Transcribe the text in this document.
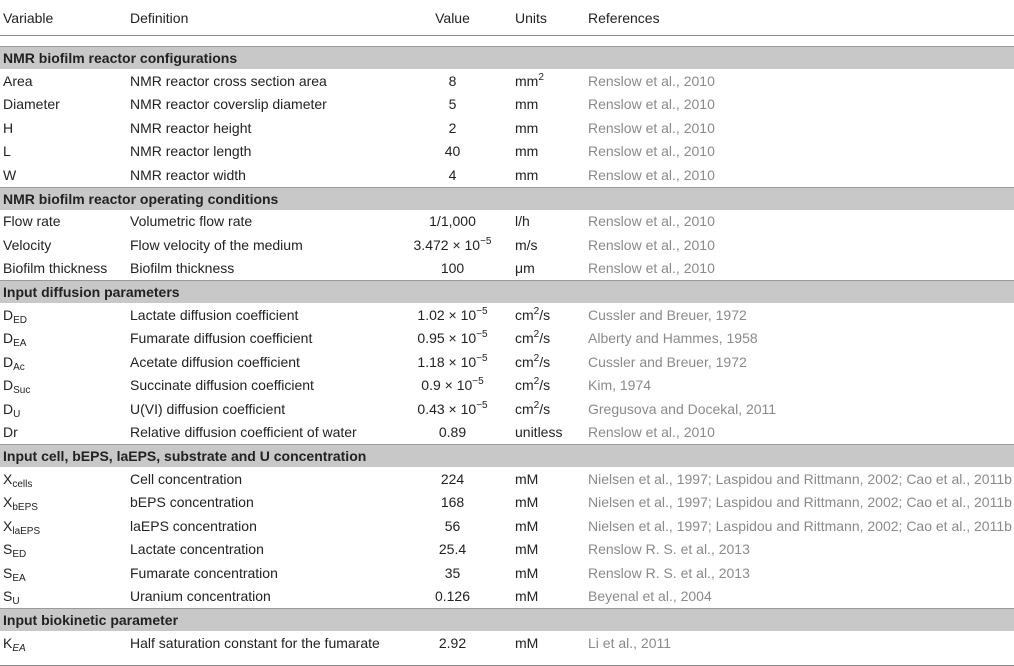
Variable	Definition	Value	Units	References
NMR biofilm reactor configurations
Area	NMR reactor cross section area	8	$mm^2$	Renslow et al., 2010
Diameter	NMR reactor coverslip diameter	5	mm	Renslow et al., 2010
H	NMR reactor height	2	mm	Renslow et al., 2010
L	NMR reactor length	40	mm	Renslow et al., 2010
W	NMR reactor width	4	mm	Renslow et al., 2010
NMR biofilm reactor operating conditions
Flow rate	Volumetric flow rate	1/1,000	l/h	Renslow et al., 2010
Velocity	Flow velocity of the medium	$3.472 \times 10^{-5}$	m/s	Renslow et al., 2010
Biofilm thickness	Biofilm thickness	100	μm	Renslow et al., 2010
Input diffusion parameters
$D_{ED}$	Lactate diffusion coefficient	$1.02 \times 10^{-5}$	$cm^2/s$	Cussler and Breuer, 1972
$D_{EA}$	Fumarate diffusion coefficient	$0.95 \times 10^{-5}$	$cm^2/s$	Alberty and Hammes, 1958
$D_{Ac}$	Acetate diffusion coefficient	$1.18 \times 10^{-5}$	$cm^2/s$	Cussler and Breuer, 1972
$D_{Suc}$	Succinate diffusion coefficient	$0.9 \times 10^{-5}$	$cm^2/s$	Kim, 1974
$D_U$	U(VI) diffusion coefficient	$0.43 \times 10^{-5}$	$cm^2/s$	Gregusova and Docekal, 2011
Dr	Relative diffusion coefficient of water	0.89	unitless	Renslow et al., 2010
Input cell, bEPS, laEPS, substrate and U concentration
$X_{cells}$	Cell concentration	224	mM	Nielsen et al., 1997; Laspidou and Rittmann, 2002; Cao et al., 2011b
$X_{bEPS}$	bEPS concentration	168	mM	Nielsen et al., 1997; Laspidou and Rittmann, 2002; Cao et al., 2011b
$X_{laEPS}$	laEPS concentration	56	mM	Nielsen et al., 1997; Laspidou and Rittmann, 2002; Cao et al., 2011b
$S_{ED}$	Lactate concentration	25.4	mM	Renslow R. S. et al., 2013
$S_{EA}$	Fumarate concentration	35	mM	Renslow R. S. et al., 2013
$S_U$	Uranium concentration	0.126	mM	Beyenal et al., 2004
Input biokinetic parameter
$K_{EA}$	Half saturation constant for the fumarate	2.92	mM	Li et al., 2011
